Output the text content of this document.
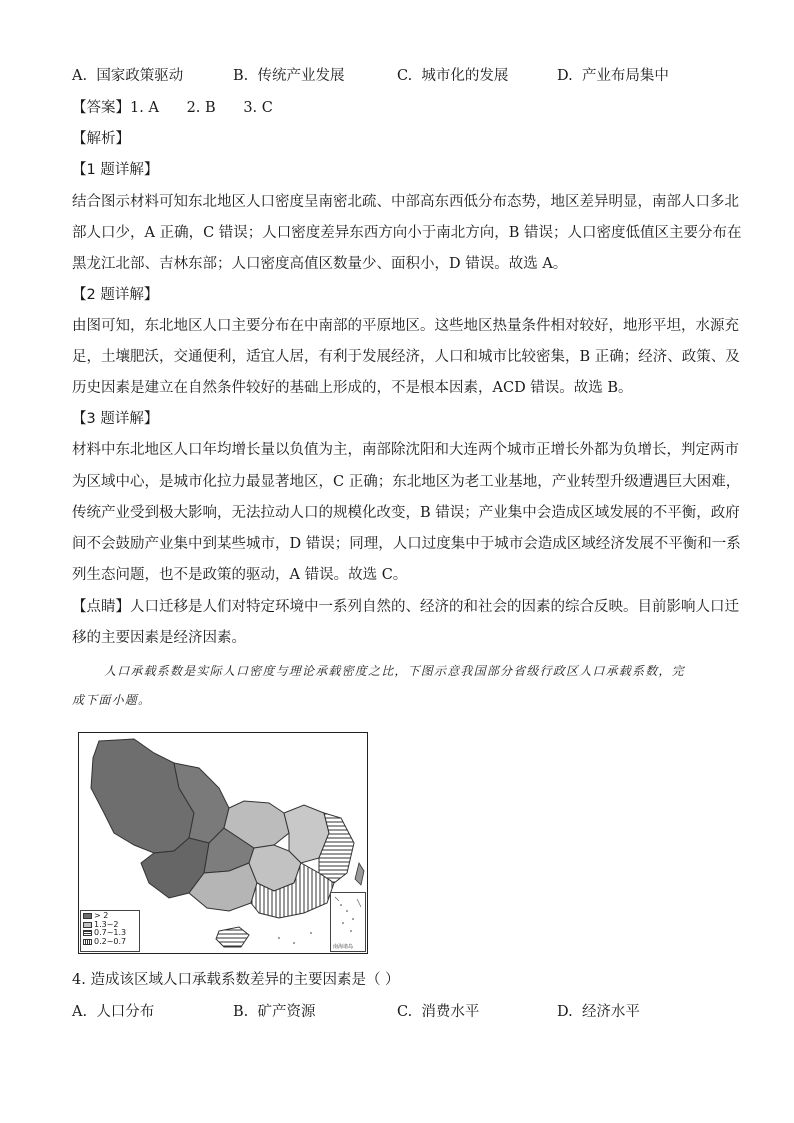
A. 国家政策驱动	B. 传统产业发展	C. 城市化的发展	D. 产业布局集中
【答案】1. A      2. B      3. C
【解析】
【1 题详解】
结合图示材料可知东北地区人口密度呈南密北疏、中部高东西低分布态势，地区差异明显，南部人口多北
部人口少，A 正确，C 错误；人口密度差异东西方向小于南北方向，B 错误；人口密度低值区主要分布在
黑龙江北部、吉林东部；人口密度高值区数量少、面积小，D 错误。故选 A。
【2 题详解】
由图可知，东北地区人口主要分布在中南部的平原地区。这些地区热量条件相对较好，地形平坦，水源充
足，土壤肥沃，交通便利，适宜人居，有利于发展经济，人口和城市比较密集，B 正确；经济、政策、及
历史因素是建立在自然条件较好的基础上形成的，不是根本因素，ACD 错误。故选 B。
【3 题详解】
材料中东北地区人口年均增长量以负值为主，南部除沈阳和大连两个城市正增长外都为负增长，判定两市
为区域中心，是城市化拉力最显著地区，C 正确；东北地区为老工业基地，产业转型升级遭遇巨大困难，
传统产业受到极大影响，无法拉动人口的规模化改变，B 错误；产业集中会造成区域发展的不平衡，政府
间不会鼓励产业集中到某些城市，D 错误；同理，人口过度集中于城市会造成区域经济发展不平衡和一系
列生态问题，也不是政策的驱动，A 错误。故选 C。
【点睛】人口迁移是人们对特定环境中一系列自然的、经济的和社会的因素的综合反映。目前影响人口迁
移的主要因素是经济因素。
人口承载系数是实际人口密度与理论承载密度之比，下图示意我国部分省级行政区人口承载系数，完
成下面小题。
> 2
1.3~2
0.7~1.3
0.2~0.7
南海诸岛
4. 造成该区域人口承载系数差异的主要因素是（ ）
A. 人口分布	B. 矿产资源	C. 消费水平	D. 经济水平
